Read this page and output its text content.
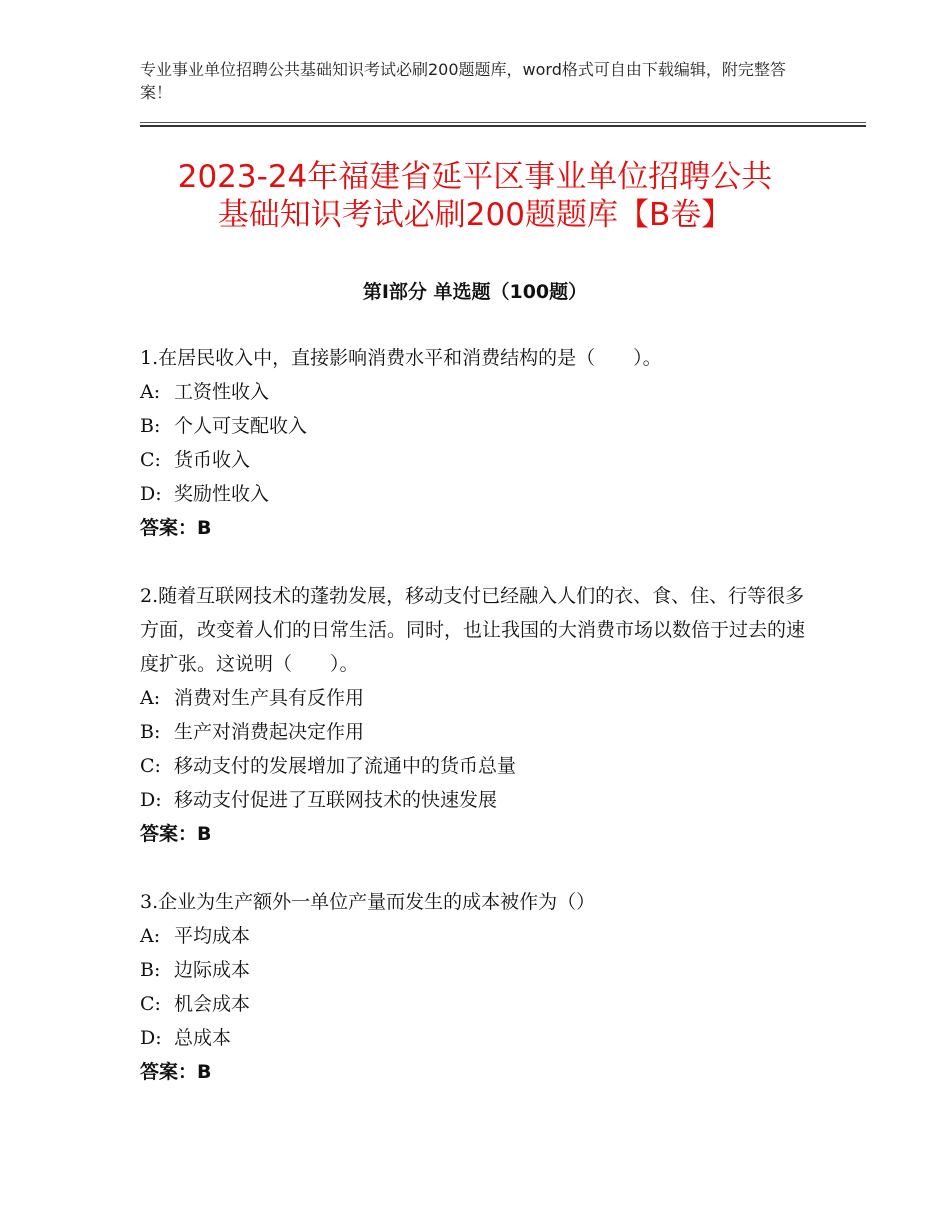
专业事业单位招聘公共基础知识考试必刷200题题库，word格式可自由下载编辑，附完整答案！
2023-24年福建省延平区事业单位招聘公共
基础知识考试必刷200题题库【B卷】
第Ⅰ部分 单选题（100题）
1.在居民收入中，直接影响消费水平和消费结构的是（　　）。
A: 工资性收入
B: 个人可支配收入
C: 货币收入
D: 奖励性收入
答案：B
2.随着互联网技术的蓬勃发展，移动支付已经融入人们的衣、食、住、行等很多方面，改变着人们的日常生活。同时，也让我国的大消费市场以数倍于过去的速度扩张。这说明（　　）。
A: 消费对生产具有反作用
B: 生产对消费起决定作用
C: 移动支付的发展增加了流通中的货币总量
D: 移动支付促进了互联网技术的快速发展
答案：B
3.企业为生产额外一单位产量而发生的成本被作为（）
A: 平均成本
B: 边际成本
C: 机会成本
D: 总成本
答案：B
